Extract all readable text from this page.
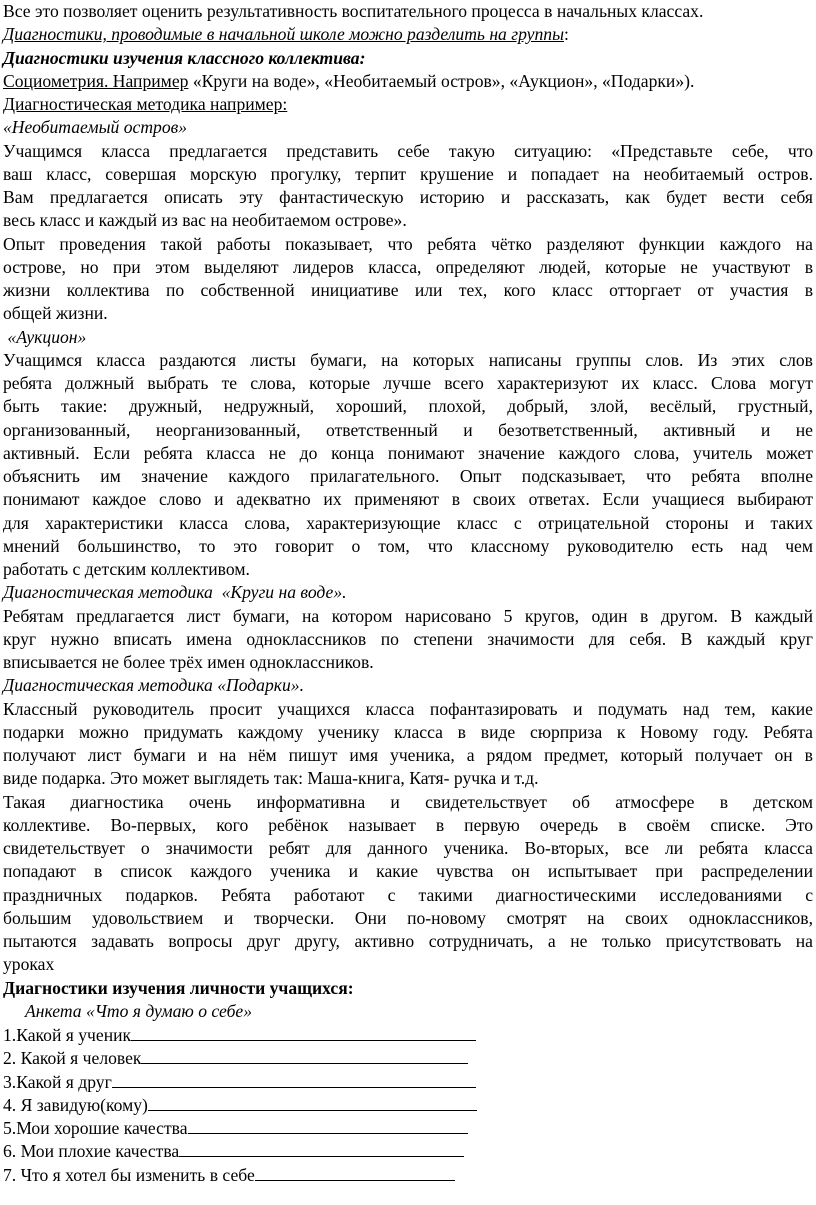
Все это позволяет оценить результативность воспитательного процесса в начальных классах.
Диагностики, проводимые в начальной школе можно разделить на группы:
Диагностики изучения классного коллектива:
Социометрия. Например «Круги на воде», «Необитаемый остров», «Аукцион», «Подарки»).
Диагностическая методика например:
«Необитаемый остров»
Учащимся класса предлагается представить себе такую ситуацию: «Представьте себе, что
ваш класс, совершая морскую прогулку, терпит крушение и попадает на необитаемый остров.
Вам предлагается описать эту фантастическую историю и рассказать, как будет вести себя
весь класс и каждый из вас на необитаемом острове».
Опыт проведения такой работы показывает, что ребята чётко разделяют функции каждого на
острове, но при этом выделяют лидеров класса, определяют людей, которые не участвуют в
жизни коллектива по собственной инициативе или тех, кого класс отторгает от участия в
общей жизни.
«Аукцион»
Учащимся класса раздаются листы бумаги, на которых написаны группы слов. Из этих слов
ребята должный выбрать те слова, которые лучше всего характеризуют их класс. Слова могут
быть такие: дружный, недружный, хороший, плохой, добрый, злой, весёлый, грустный,
организованный, неорганизованный, ответственный и безответственный, активный и не
активный. Если ребята класса не до конца понимают значение каждого слова, учитель может
объяснить им значение каждого прилагательного. Опыт подсказывает, что ребята вполне
понимают каждое слово и адекватно их применяют в своих ответах. Если учащиеся выбирают
для характеристики класса слова, характеризующие класс с отрицательной стороны и таких
мнений большинство, то это говорит о том, что классному руководителю есть над чем
работать с детским коллективом.
Диагностическая методика  «Круги на воде».
Ребятам предлагается лист бумаги, на котором нарисовано 5 кругов, один в другом. В каждый
круг нужно вписать имена одноклассников по степени значимости для себя. В каждый круг
вписывается не более трёх имен одноклассников.
Диагностическая методика «Подарки».
Классный руководитель просит учащихся класса пофантазировать и подумать над тем, какие
подарки можно придумать каждому ученику класса в виде сюрприза к Новому году. Ребята
получают лист бумаги и на нём пишут имя ученика, а рядом предмет, который получает он в
виде подарка. Это может выглядеть так: Маша-книга, Катя- ручка и т.д.
Такая диагностика очень информативна и свидетельствует об атмосфере в детском
коллективе. Во-первых, кого ребёнок называет в первую очередь в своём списке. Это
свидетельствует о значимости ребят для данного ученика. Во-вторых, все ли ребята класса
попадают в список каждого ученика и какие чувства он испытывает при распределении
праздничных подарков. Ребята работают с такими диагностическими исследованиями с
большим удовольствием и творчески. Они по-новому смотрят на своих одноклассников,
пытаются задавать вопросы друг другу, активно сотрудничать, а не только присутствовать на
уроках
Диагностики изучения личности учащихся:
Анкета «Что я думаю о себе»
1.Какой я ученик
2. Какой я человек
3.Какой я друг
4. Я завидую(кому)
5.Мои хорошие качества
6. Мои плохие качества
7. Что я хотел бы изменить в себе
